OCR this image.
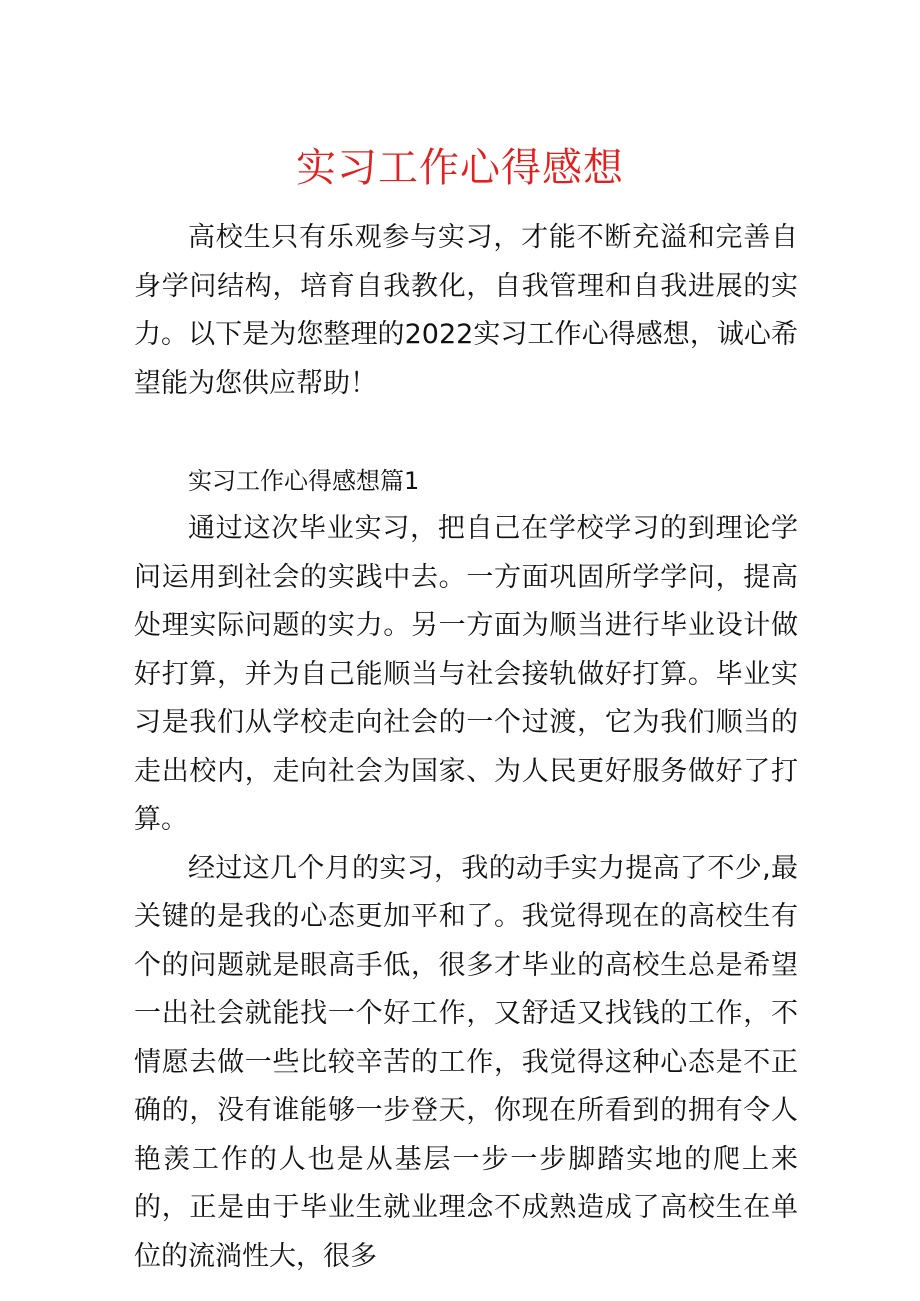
实习工作心得感想

高校生只有乐观参与实习，才能不断充溢和完善自身学问结构，培育自我教化，自我管理和自我进展的实力。以下是为您整理的2022实习工作心得感想，诚心希望能为您供应帮助！

实习工作心得感想篇1

通过这次毕业实习，把自己在学校学习的到理论学问运用到社会的实践中去。一方面巩固所学学问，提高处理实际问题的实力。另一方面为顺当进行毕业设计做好打算，并为自己能顺当与社会接轨做好打算。毕业实习是我们从学校走向社会的一个过渡，它为我们顺当的走出校内，走向社会为国家、为人民更好服务做好了打算。

经过这几个月的实习，我的动手实力提高了不少,最关键的是我的心态更加平和了。我觉得现在的高校生有个的问题就是眼高手低，很多才毕业的高校生总是希望一出社会就能找一个好工作，又舒适又找钱的工作，不情愿去做一些比较辛苦的工作，我觉得这种心态是不正确的，没有谁能够一步登天，你现在所看到的拥有令人艳羡工作的人也是从基层一步一步脚踏实地的爬上来的，正是由于毕业生就业理念不成熟造成了高校生在单位的流淌性大，很多
